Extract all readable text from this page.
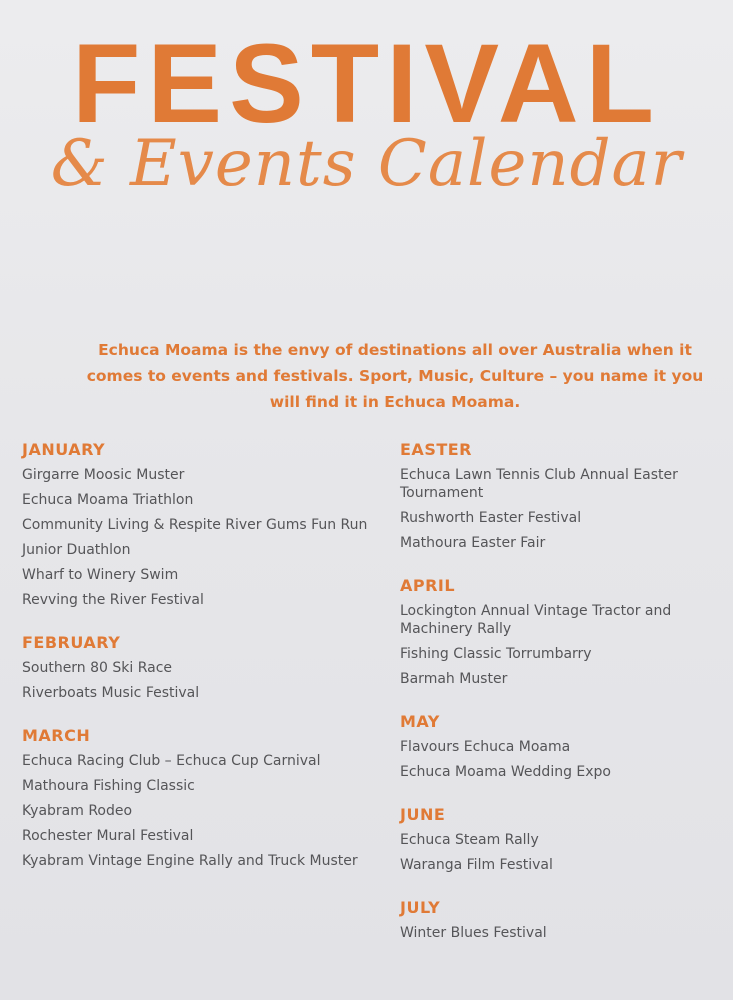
FESTIVAL
& Events Calendar
Echuca Moama is the envy of destinations all over Australia when it comes to events and festivals. Sport, Music, Culture – you name it you will find it in Echuca Moama.
JANUARY
Girgarre Moosic Muster
Echuca Moama Triathlon
Community Living & Respite River Gums Fun Run
Junior Duathlon
Wharf to Winery Swim
Revving the River Festival
FEBRUARY
Southern 80 Ski Race
Riverboats Music Festival
MARCH
Echuca Racing Club – Echuca Cup Carnival
Mathoura Fishing Classic
Kyabram Rodeo
Rochester Mural Festival
Kyabram Vintage Engine Rally and Truck Muster
EASTER
Echuca Lawn Tennis Club Annual Easter Tournament
Rushworth Easter Festival
Mathoura Easter Fair
APRIL
Lockington Annual Vintage Tractor and Machinery Rally
Fishing Classic Torrumbarry
Barmah Muster
MAY
Flavours Echuca Moama
Echuca Moama Wedding Expo
JUNE
Echuca Steam Rally
Waranga Film Festival
JULY
Winter Blues Festival
